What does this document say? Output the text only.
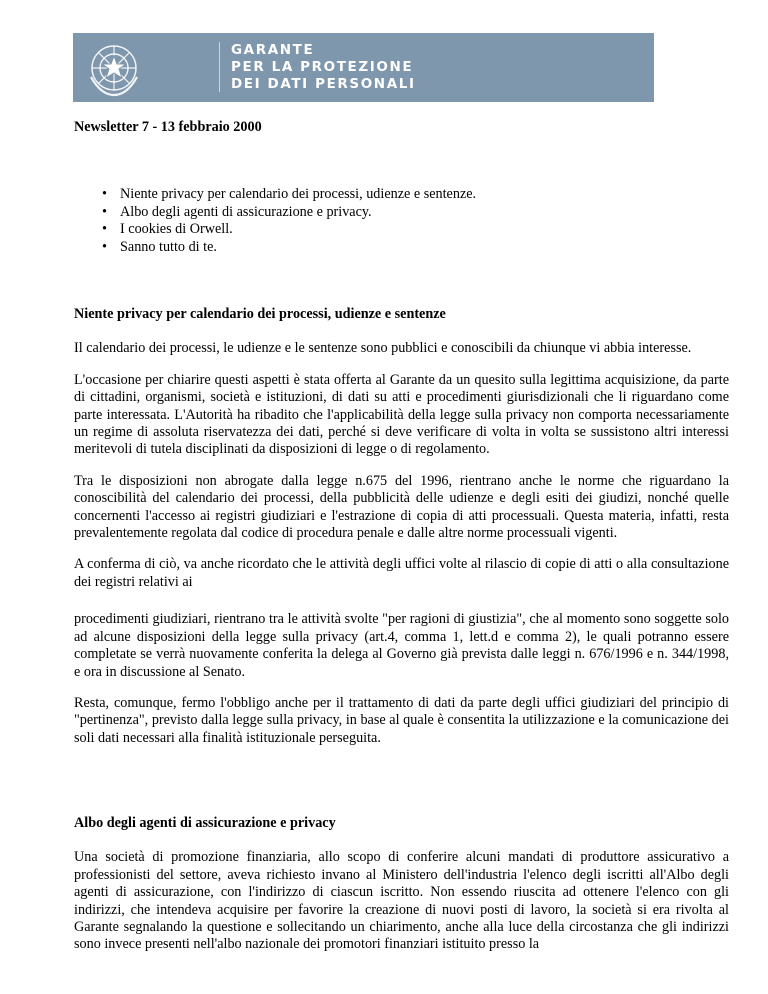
GARANTE
PER LA PROTEZIONE
DEI DATI PERSONALI

Newsletter 7 - 13 febbraio 2000

• Niente privacy per calendario dei processi, udienze e sentenze.
• Albo degli agenti di assicurazione e privacy.
• I cookies di Orwell.
• Sanno tutto di te.
Niente privacy per calendario dei processi, udienze e sentenze

Il calendario dei processi, le udienze e le sentenze sono pubblici e conoscibili da chiunque vi abbia interesse.

L'occasione per chiarire questi aspetti è stata offerta al Garante da un quesito sulla legittima acquisizione, da parte di cittadini, organismi, società e istituzioni, di dati su atti e procedimenti giurisdizionali che li riguardano come parte interessata. L'Autorità ha ribadito che l'applicabilità della legge sulla privacy non comporta necessariamente un regime di assoluta riservatezza dei dati, perché si deve verificare di volta in volta se sussistono altri interessi meritevoli di tutela disciplinati da disposizioni di legge o di regolamento.

Tra le disposizioni non abrogate dalla legge n.675 del 1996, rientrano anche le norme che riguardano la conoscibilità del calendario dei processi, della pubblicità delle udienze e degli esiti dei giudizi, nonché quelle concernenti l'accesso ai registri giudiziari e l'estrazione di copia di atti processuali. Questa materia, infatti, resta prevalentemente regolata dal codice di procedura penale e dalle altre norme processuali vigenti.

A conferma di ciò, va anche ricordato che le attività degli uffici volte al rilascio di copie di atti o alla consultazione dei registri relativi ai

procedimenti giudiziari, rientrano tra le attività svolte "per ragioni di giustizia", che al momento sono soggette solo ad alcune disposizioni della legge sulla privacy (art.4, comma 1, lett.d e comma 2), le quali potranno essere completate se verrà nuovamente conferita la delega al Governo già prevista dalle leggi n. 676/1996 e n. 344/1998, e ora in discussione al Senato.

Resta, comunque, fermo l'obbligo anche per il trattamento di dati da parte degli uffici giudiziari del principio di "pertinenza", previsto dalla legge sulla privacy, in base al quale è consentita la utilizzazione e la comunicazione dei soli dati necessari alla finalità istituzionale perseguita.

Albo degli agenti di assicurazione e privacy

Una società di promozione finanziaria, allo scopo di conferire alcuni mandati di produttore assicurativo a professionisti del settore, aveva richiesto invano al Ministero dell'industria l'elenco degli iscritti all'Albo degli agenti di assicurazione, con l'indirizzo di ciascun iscritto. Non essendo riuscita ad ottenere l'elenco con gli indirizzi, che intendeva acquisire per favorire la creazione di nuovi posti di lavoro, la società si era rivolta al Garante segnalando la questione e sollecitando un chiarimento, anche alla luce della circostanza che gli indirizzi sono invece presenti nell'albo nazionale dei promotori finanziari istituito presso la
